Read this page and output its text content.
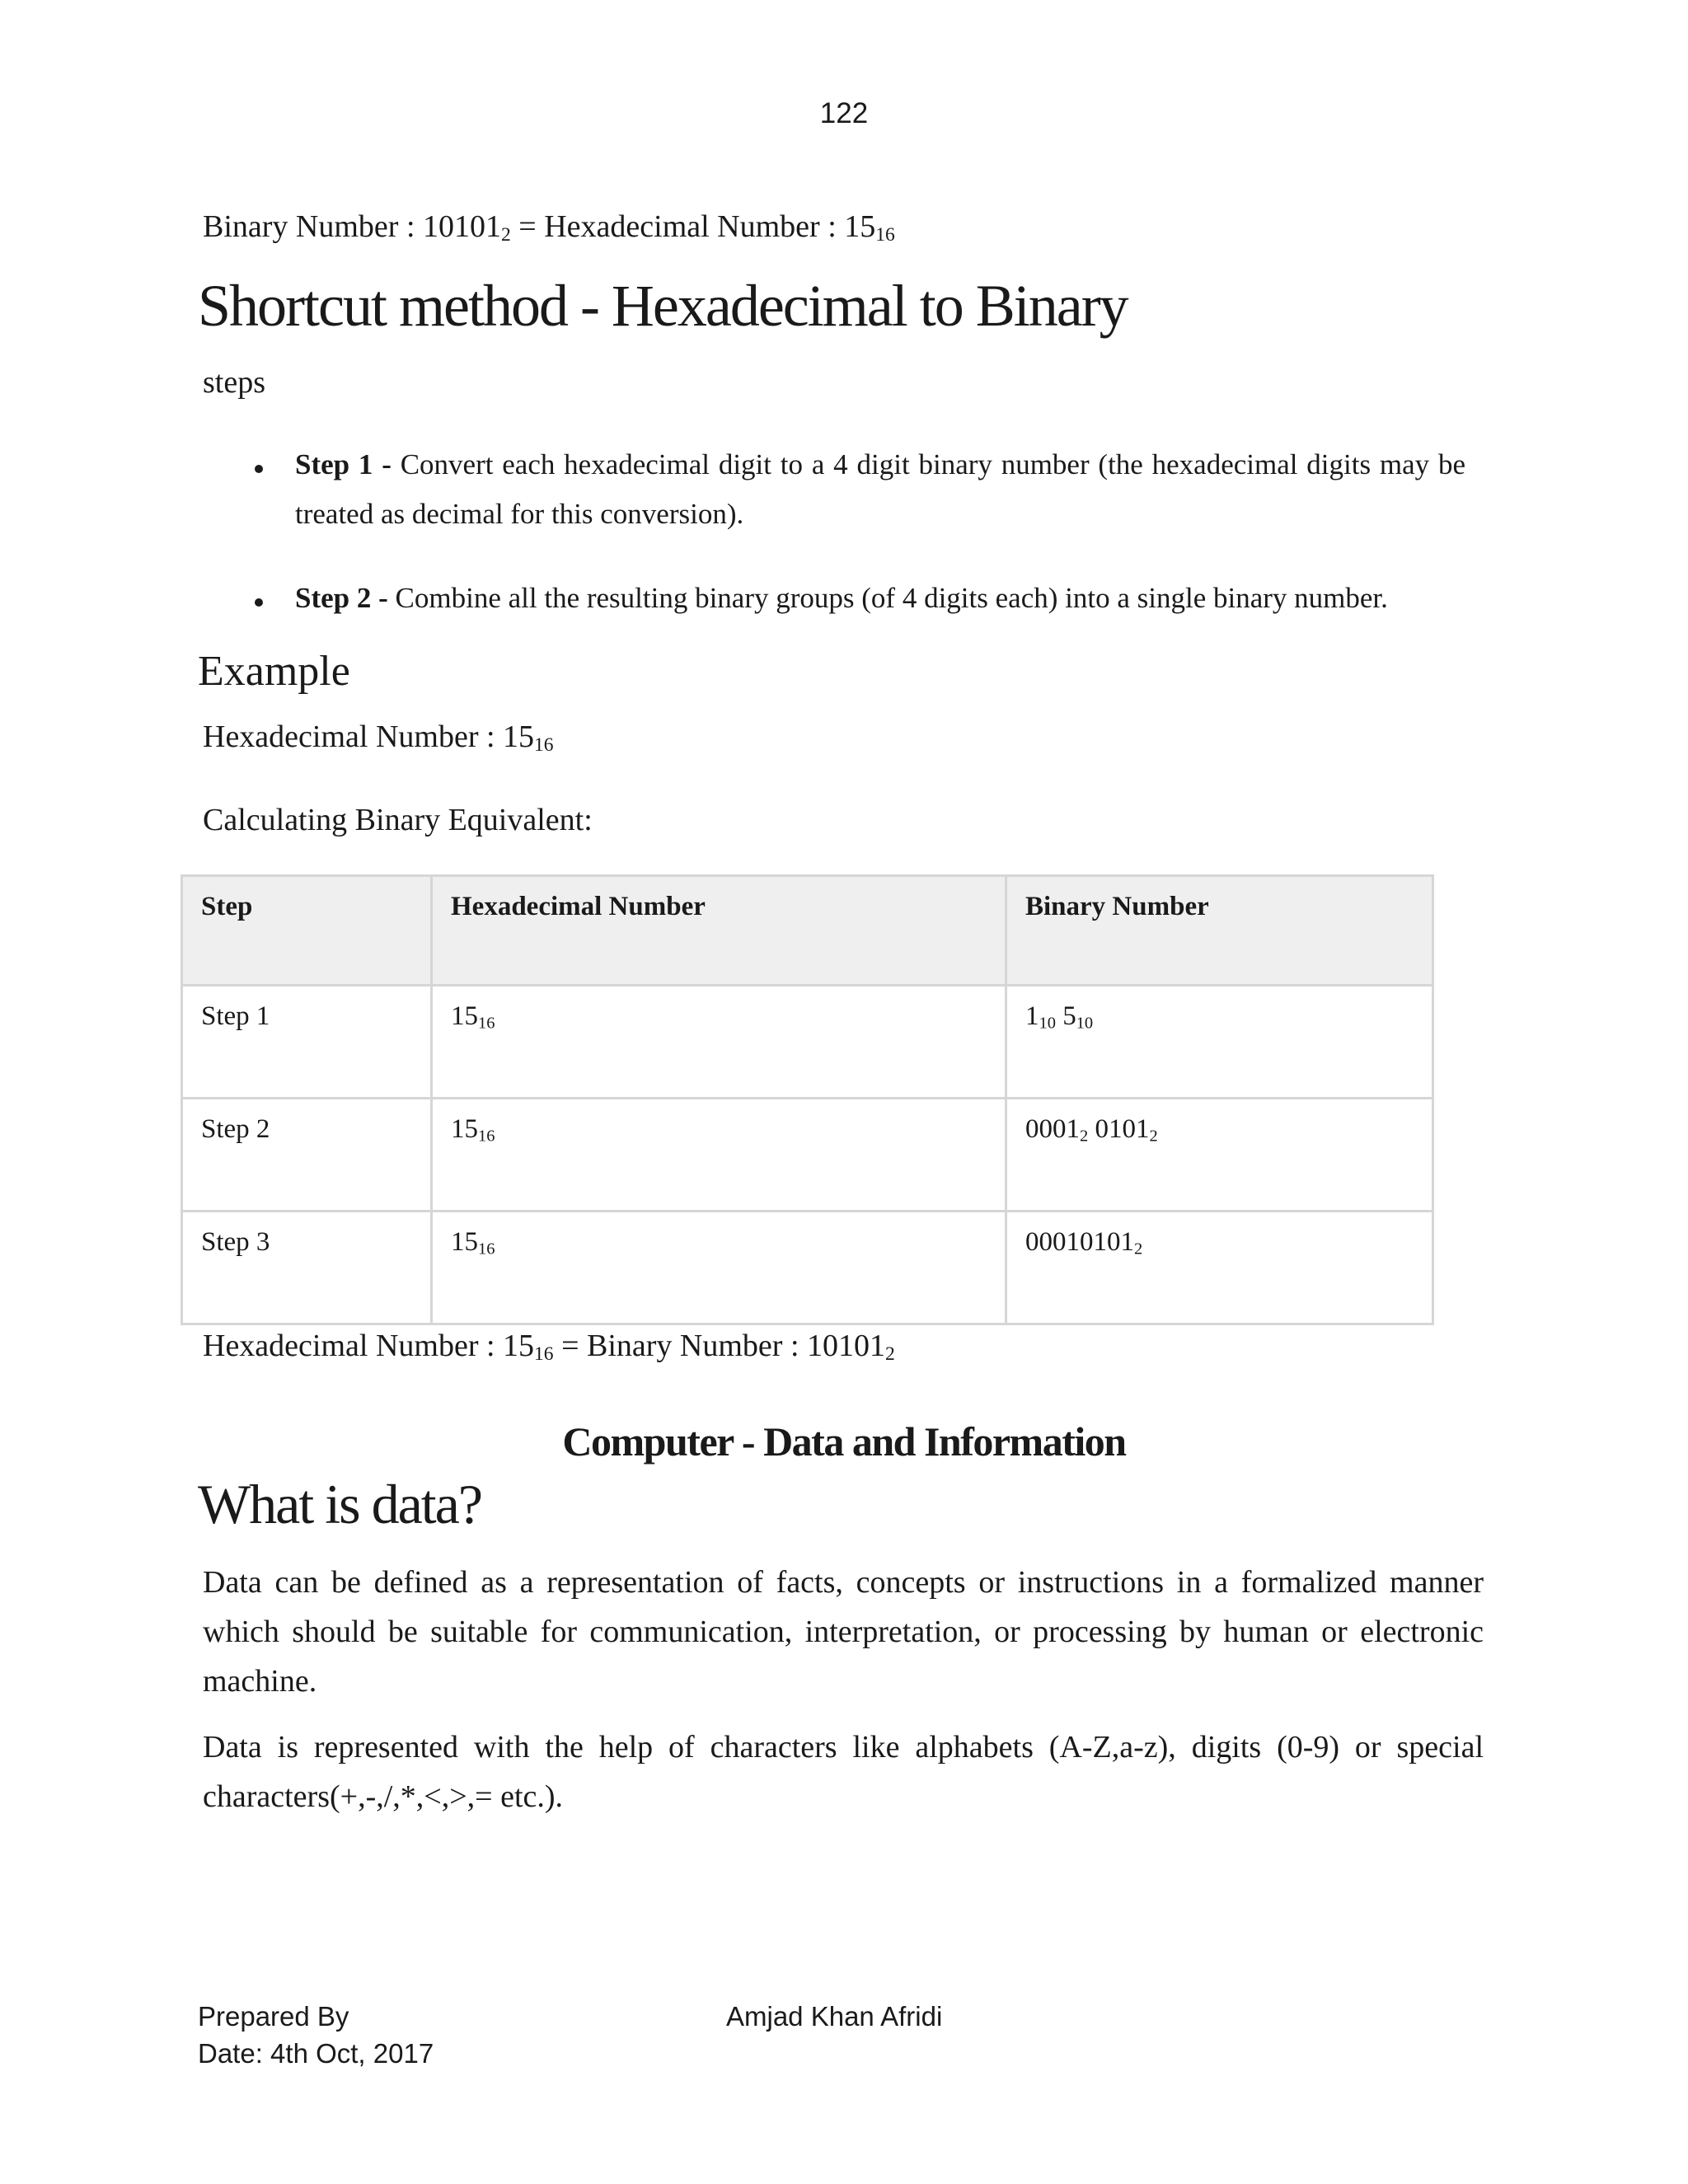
122
Binary Number : $10101_2$ = Hexadecimal Number : $15_{16}$
Shortcut method - Hexadecimal to Binary
steps
Step 1 - Convert each hexadecimal digit to a 4 digit binary number (the hexadecimal digits may be treated as decimal for this conversion).
Step 2 - Combine all the resulting binary groups (of 4 digits each) into a single binary number.
Example
Hexadecimal Number : $15_{16}$
Calculating Binary Equivalent:
Step	Hexadecimal Number	Binary Number
Step 1	$15_{16}$	$1_{10}$ $5_{10}$
Step 2	$15_{16}$	$0001_2$ $0101_2$
Step 3	$15_{16}$	$00010101_2$
Hexadecimal Number : $15_{16}$ = Binary Number : $10101_2$
Computer - Data and Information
What is data?
Data can be defined as a representation of facts, concepts or instructions in a formalized manner which should be suitable for communication, interpretation, or processing by human or electronic machine.
Data is represented with the help of characters like alphabets (A-Z,a-z), digits (0-9) or special characters(+,-,/,*,<,>,= etc.).
Prepared By	Amjad Khan Afridi
Date: 4th Oct, 2017
